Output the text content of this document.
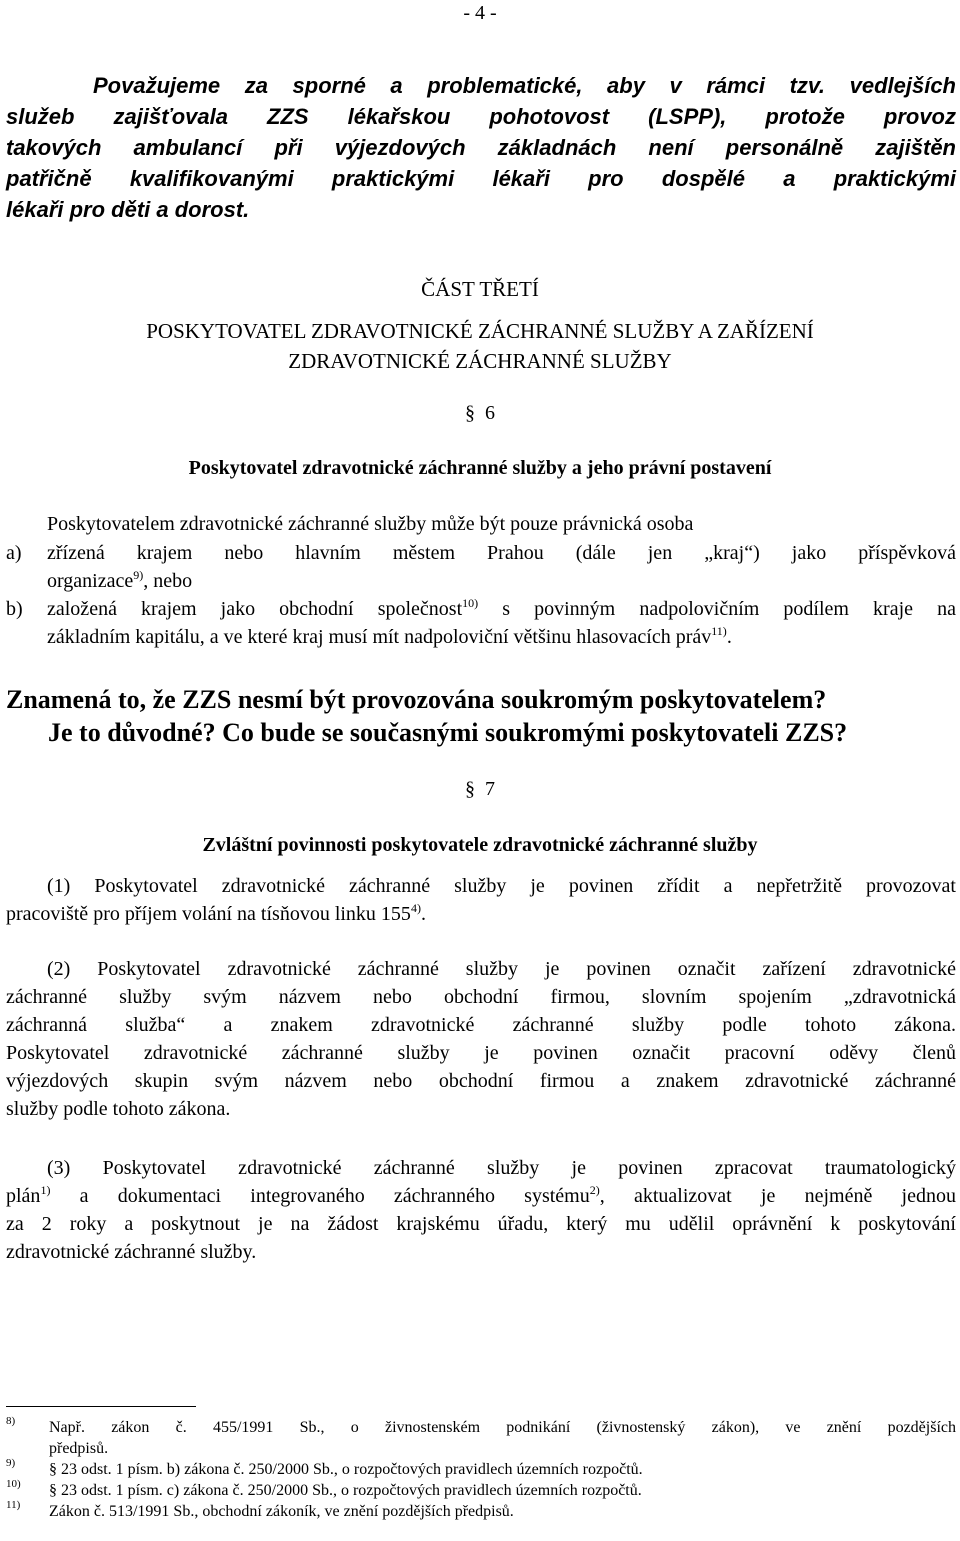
- 4 -
Považujeme za sporné a problematické, aby v rámci tzv. vedlejších
služeb zajišťovala ZZS lékařskou pohotovost (LSPP), protože provoz
takových ambulancí při výjezdových základnách není personálně zajištěn
patřičně kvalifikovanými praktickými lékaři pro dospělé a praktickými
lékaři pro děti a dorost.
ČÁST TŘETÍ
POSKYTOVATEL ZDRAVOTNICKÉ ZÁCHRANNÉ SLUŽBY A ZAŘÍZENÍ
ZDRAVOTNICKÉ ZÁCHRANNÉ SLUŽBY
§ 6
Poskytovatel zdravotnické záchranné služby a jeho právní postavení
Poskytovatelem zdravotnické záchranné služby může být pouze právnická osoba
a) zřízená krajem nebo hlavním městem Prahou (dále jen „kraj“) jako příspěvková
organizace$^{9)}$, nebo
b) založená krajem jako obchodní společnost$^{10)}$ s povinným nadpolovičním podílem kraje na
základním kapitálu, a ve které kraj musí mít nadpoloviční většinu hlasovacích práv$^{11)}$.
Znamená to, že ZZS nesmí být provozována soukromým poskytovatelem?
Je to důvodné? Co bude se současnými soukromými poskytovateli ZZS?
§ 7
Zvláštní povinnosti poskytovatele zdravotnické záchranné služby
(1) Poskytovatel zdravotnické záchranné služby je povinen zřídit a nepřetržitě provozovat
pracoviště pro příjem volání na tísňovou linku 155$^{4)}$.
(2) Poskytovatel zdravotnické záchranné služby je povinen označit zařízení zdravotnické
záchranné služby svým názvem nebo obchodní firmou, slovním spojením „zdravotnická
záchranná služba“ a znakem zdravotnické záchranné služby podle tohoto zákona.
Poskytovatel zdravotnické záchranné služby je povinen označit pracovní oděvy členů
výjezdových skupin svým názvem nebo obchodní firmou a znakem zdravotnické záchranné
služby podle tohoto zákona.
(3) Poskytovatel zdravotnické záchranné služby je povinen zpracovat traumatologický
plán$^{1)}$ a dokumentaci integrovaného záchranného systému$^{2)}$, aktualizovat je nejméně jednou
za 2 roky a poskytnout je na žádost krajskému úřadu, který mu udělil oprávnění k poskytování
zdravotnické záchranné služby.
8) Např. zákon č. 455/1991 Sb., o živnostenském podnikání (živnostenský zákon), ve znění pozdějších
předpisů.
9) § 23 odst. 1 písm. b) zákona č. 250/2000 Sb., o rozpočtových pravidlech územních rozpočtů.
10) § 23 odst. 1 písm. c) zákona č. 250/2000 Sb., o rozpočtových pravidlech územních rozpočtů.
11) Zákon č. 513/1991 Sb., obchodní zákoník, ve znění pozdějších předpisů.
